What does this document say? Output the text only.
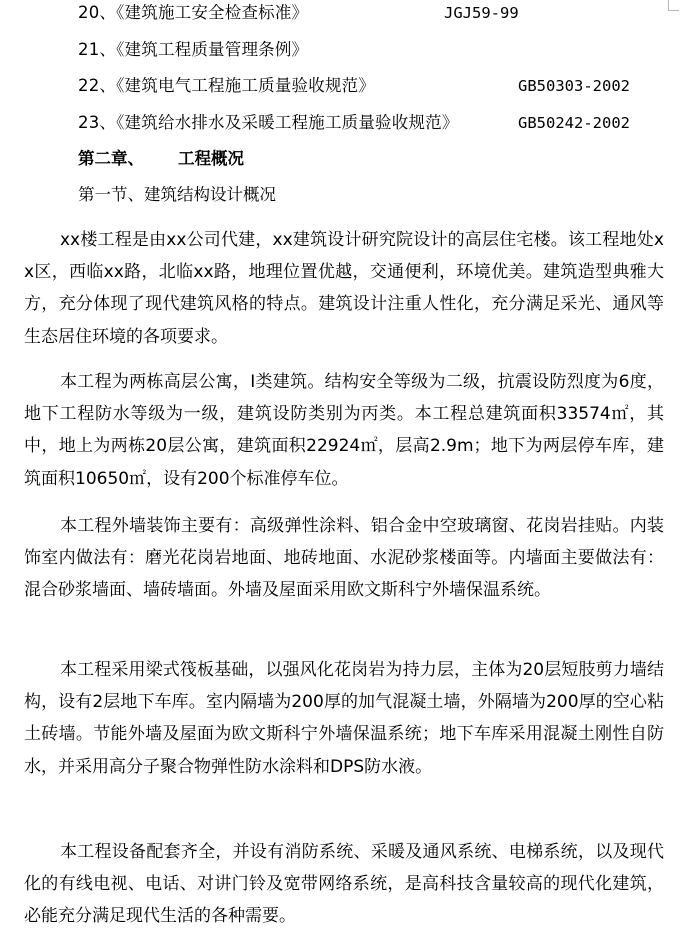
20、《建筑施工安全检查标准》	JGJ59-99
21、《建筑工程质量管理条例》
22、《建筑电气工程施工质量验收规范》	GB50303-2002
23、《建筑给水排水及采暖工程施工质量验收规范》	GB50242-2002
第二章、 工程概况
第一节、建筑结构设计概况

xx楼工程是由xx公司代建，xx建筑设计研究院设计的高层住宅楼。该工程地处xx区，西临xx路，北临xx路，地理位置优越，交通便利，环境优美。建筑造型典雅大方，充分体现了现代建筑风格的特点。建筑设计注重人性化，充分满足采光、通风等生态居住环境的各项要求。

本工程为两栋高层公寓，Ⅰ类建筑。结构安全等级为二级，抗震设防烈度为6度，地下工程防水等级为一级，建筑设防类别为丙类。本工程总建筑面积33574㎡，其中，地上为两栋20层公寓，建筑面积22924㎡，层高2.9m；地下为两层停车库，建筑面积10650㎡，设有200个标准停车位。

本工程外墙装饰主要有：高级弹性涂料、铝合金中空玻璃窗、花岗岩挂贴。内装饰室内做法有：磨光花岗岩地面、地砖地面、水泥砂浆楼面等。内墙面主要做法有：混合砂浆墙面、墙砖墙面。外墙及屋面采用欧文斯科宁外墙保温系统。

本工程采用梁式筏板基础，以强风化花岗岩为持力层，主体为20层短肢剪力墙结构，设有2层地下车库。室内隔墙为200厚的加气混凝土墙，外隔墙为200厚的空心粘土砖墙。节能外墙及屋面为欧文斯科宁外墙保温系统；地下车库采用混凝土刚性自防水，并采用高分子聚合物弹性防水涂料和DPS防水液。

本工程设备配套齐全，并设有消防系统、采暖及通风系统、电梯系统，以及现代化的有线电视、电话、对讲门铃及宽带网络系统，是高科技含量较高的现代化建筑，必能充分满足现代生活的各种需要。
